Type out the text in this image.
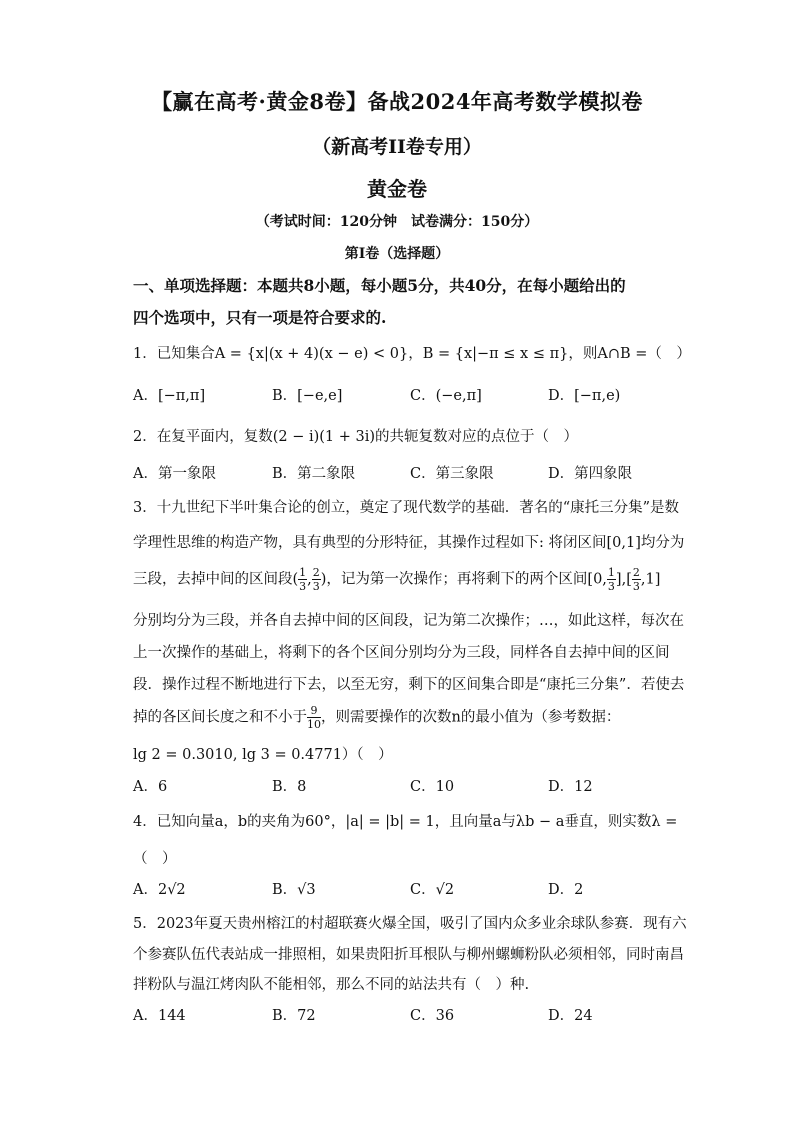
【赢在高考·黄金8卷】备战2024年高考数学模拟卷
（新高考II卷专用）
黄金卷
（考试时间：120分钟　试卷满分：150分）
第I卷（选择题）
一、单项选择题：本题共8小题，每小题5分，共40分，在每小题给出的
四个选项中，只有一项是符合要求的.
1．已知集合A = {x|(x + 4)(x − e) < 0}，B = {x|−π ≤ x ≤ π}，则A∩B =（　）
A．[−π,π]	B．[−e,e]	C．(−e,π]	D．[−π,e)
2．在复平面内，复数(2 − i)(1 + 3i)的共轭复数对应的点位于（　）
A．第一象限	B．第二象限	C．第三象限	D．第四象限
3．十九世纪下半叶集合论的创立，奠定了现代数学的基础．著名的“康托三分集”是数
学理性思维的构造产物，具有典型的分形特征，其操作过程如下: 将闭区间[0,1]均分为
三段，去掉中间的区间段( $\frac{1}{3}$ , $\frac{2}{3}$ )，记为第一次操作；再将剩下的两个区间[0, $\frac{1}{3}$ ],[ $\frac{2}{3} ,1$]
分别均分为三段，并各自去掉中间的区间段，记为第二次操作；…，如此这样，每次在
上一次操作的基础上，将剩下的各个区间分别均分为三段，同样各自去掉中间的区间
段．操作过程不断地进行下去，以至无穷，剩下的区间集合即是“康托三分集”．若使去
掉的各区间长度之和不小于 $\frac{9}{10}$ ，则需要操作的次数n的最小值为（参考数据：
lg 2 = 0.3010, lg 3 = 0.4771）（　）
A．6	B．8	C．10	D．12
4．已知向量a，b的夹角为60°，|a| = |b| = 1，且向量a与λb − a垂直，则实数λ =
（　）
A．2√2	B．√3	C．√2	D．2
5．2023年夏天贵州榕江的村超联赛火爆全国，吸引了国内众多业余球队参赛．现有六
个参赛队伍代表站成一排照相，如果贵阳折耳根队与柳州螺蛳粉队必须相邻，同时南昌
拌粉队与温江烤肉队不能相邻，那么不同的站法共有（　）种.
A．144	B．72	C．36	D．24
